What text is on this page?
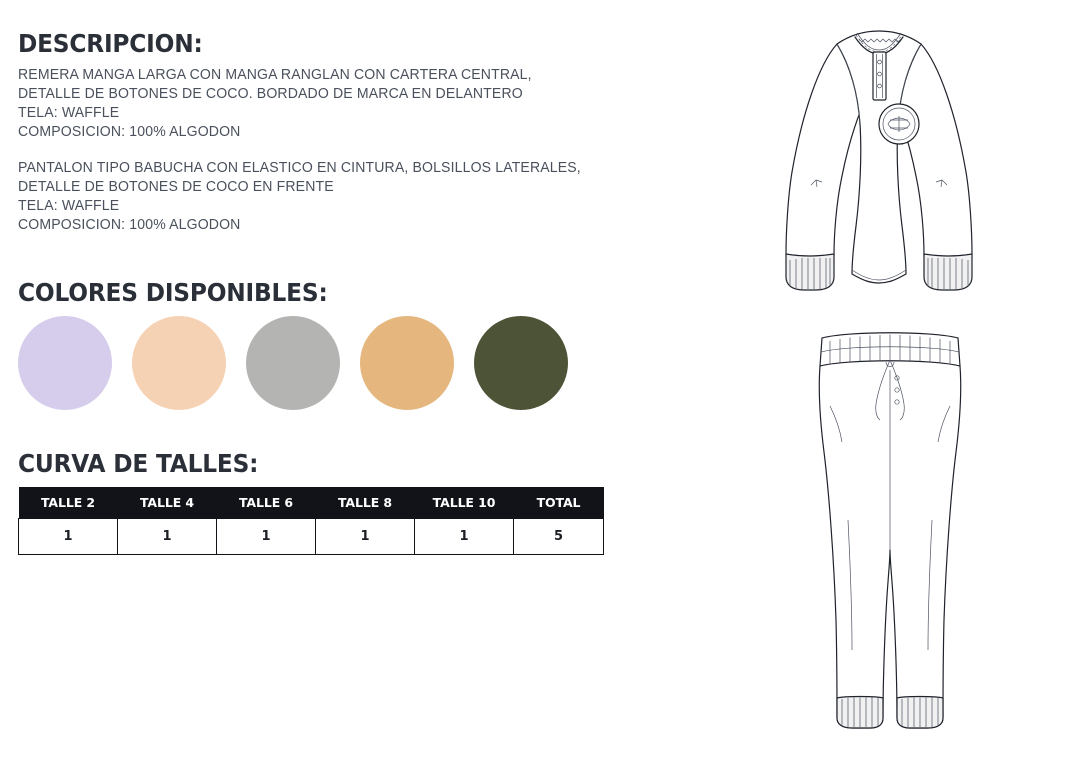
DESCRIPCION:

REMERA MANGA LARGA CON MANGA RANGLAN CON CARTERA CENTRAL,

DETALLE DE BOTONES DE COCO. BORDADO DE MARCA EN DELANTERO

TELA: WAFFLE

COMPOSICION: 100% ALGODON

PANTALON TIPO BABUCHA CON ELASTICO EN CINTURA, BOLSILLOS LATERALES,

DETALLE DE BOTONES DE COCO EN FRENTE

TELA: WAFFLE

COMPOSICION: 100% ALGODON

COLORES DISPONIBLES:
CURVA DE TALLES:
TALLE 2	TALLE 4	TALLE 6	TALLE 8	TALLE 10	TOTAL
1	1	1	1	1	5
